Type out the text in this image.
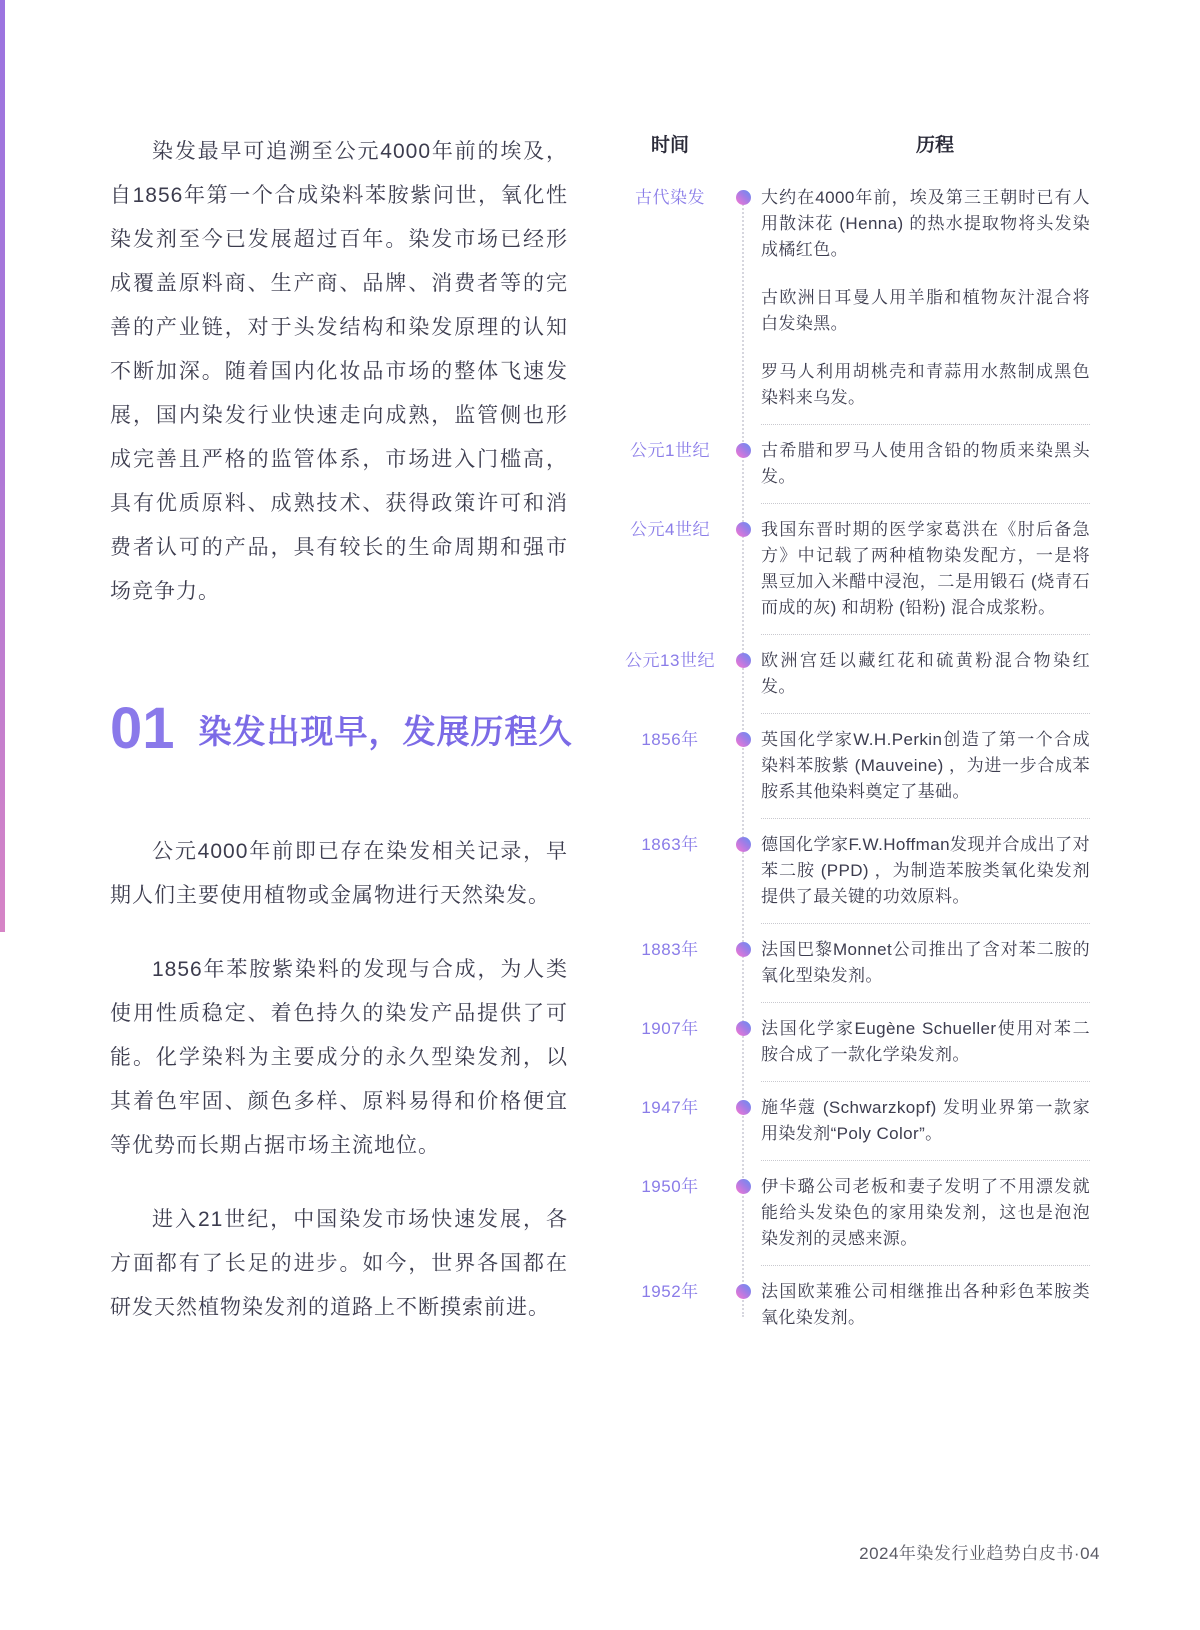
染发最早可追溯至公元4000年前的埃及，自1856年第一个合成染料苯胺紫问世，氧化性染发剂至今已发展超过百年。染发市场已经形成覆盖原料商、生产商、品牌、消费者等的完善的产业链，对于头发结构和染发原理的认知不断加深。随着国内化妆品市场的整体飞速发展，国内染发行业快速走向成熟，监管侧也形成完善且严格的监管体系，市场进入门槛高，具有优质原料、成熟技术、获得政策许可和消费者认可的产品，具有较长的生命周期和强市场竞争力。

01 染发出现早，发展历程久

公元4000年前即已存在染发相关记录，早期人们主要使用植物或金属物进行天然染发。

1856年苯胺紫染料的发现与合成，为人类使用性质稳定、着色持久的染发产品提供了可能。化学染料为主要成分的永久型染发剂，以其着色牢固、颜色多样、原料易得和价格便宜等优势而长期占据市场主流地位。

进入21世纪，中国染发市场快速发展，各方面都有了长足的进步。如今，世界各国都在研发天然植物染发剂的道路上不断摸索前进。

时间	历程
古代染发	大约在4000年前，埃及第三王朝时已有人用散沫花 (Henna) 的热水提取物将头发染成橘红色。

古欧洲日耳曼人用羊脂和植物灰汁混合将白发染黑。

罗马人利用胡桃壳和青蒜用水熬制成黑色染料来乌发。

公元1世纪	古希腊和罗马人使用含铅的物质来染黑头发。

公元4世纪	我国东晋时期的医学家葛洪在《肘后备急方》中记载了两种植物染发配方，一是将黑豆加入米醋中浸泡，二是用锻石 (烧青石而成的灰) 和胡粉 (铅粉) 混合成浆粉。

公元13世纪	欧洲宫廷以藏红花和硫黄粉混合物染红发。

1856年	英国化学家W.H.Perkin创造了第一个合成染料苯胺紫 (Mauveine) ，为进一步合成苯胺系其他染料奠定了基础。

1863年	德国化学家F.W.Hoffman发现并合成出了对苯二胺 (PPD) ，为制造苯胺类氧化染发剂提供了最关键的功效原料。

1883年	法国巴黎Monnet公司推出了含对苯二胺的氧化型染发剂。

1907年	法国化学家Eugène Schueller使用对苯二胺合成了一款化学染发剂。

1947年	施华蔻 (Schwarzkopf) 发明业界第一款家用染发剂“Poly Color”。

1950年	伊卡璐公司老板和妻子发明了不用漂发就能给头发染色的家用染发剂，这也是泡泡染发剂的灵感来源。

1952年	法国欧莱雅公司相继推出各种彩色苯胺类氧化染发剂。

2024年染发行业趋势白皮书·04
